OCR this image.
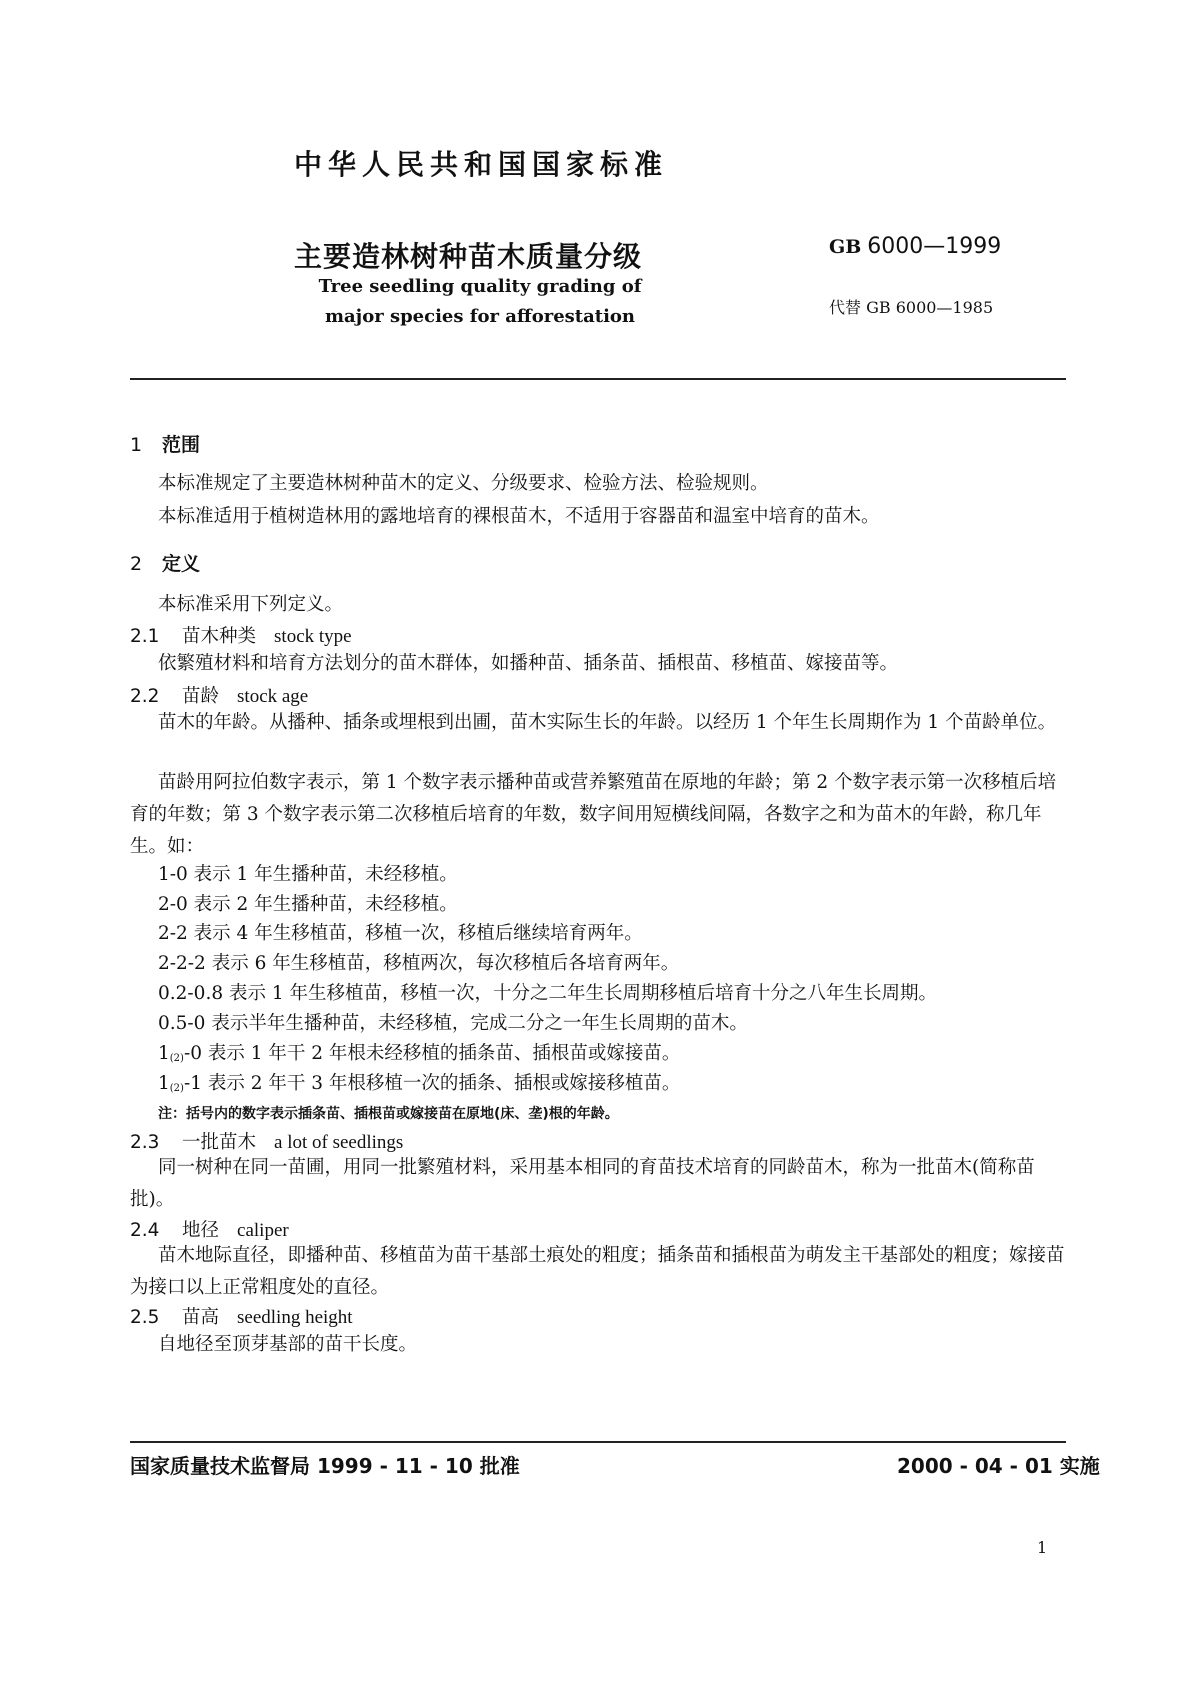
中华人民共和国国家标准
主要造林树种苗木质量分级	GB 6000—1999
代替 GB 6000—1985
Tree seedling quality grading of
major species for afforestation
1 范围
本标准规定了主要造林树种苗木的定义、分级要求、检验方法、检验规则。
本标准适用于植树造林用的露地培育的裸根苗木，不适用于容器苗和温室中培育的苗木。
2 定义
本标准采用下列定义。
2.1 苗木种类 stock type
依繁殖材料和培育方法划分的苗木群体，如播种苗、插条苗、插根苗、移植苗、嫁接苗等。
2.2 苗龄 stock age
苗木的年龄。从播种、插条或埋根到出圃，苗木实际生长的年龄。以经历 1 个年生长周期作为 1 个苗龄单位。
苗龄用阿拉伯数字表示，第 1 个数字表示播种苗或营养繁殖苗在原地的年龄；第 2 个数字表示第一次移植后培育的年数；第 3 个数字表示第二次移植后培育的年数，数字间用短横线间隔，各数字之和为苗木的年龄，称几年生。如：
1-0 表示 1 年生播种苗，未经移植。
2-0 表示 2 年生播种苗，未经移植。
2-2 表示 4 年生移植苗，移植一次，移植后继续培育两年。
2-2-2 表示 6 年生移植苗，移植两次，每次移植后各培育两年。
0.2-0.8 表示 1 年生移植苗，移植一次，十分之二年生长周期移植后培育十分之八年生长周期。
0.5-0 表示半年生播种苗，未经移植，完成二分之一年生长周期的苗木。
$1_{(2)}-0$ 表示 1 年干 2 年根未经移植的插条苗、插根苗或嫁接苗。
$1_{(2)}-1$ 表示 2 年干 3 年根移植一次的插条、插根或嫁接移植苗。
注：括号内的数字表示插条苗、插根苗或嫁接苗在原地(床、垄)根的年龄。
2.3 一批苗木 a lot of seedlings
同一树种在同一苗圃，用同一批繁殖材料，采用基本相同的育苗技术培育的同龄苗木，称为一批苗木(简称苗批)。
2.4 地径 caliper
苗木地际直径，即播种苗、移植苗为苗干基部土痕处的粗度；插条苗和插根苗为萌发主干基部处的粗度；嫁接苗为接口以上正常粗度处的直径。
2.5 苗高 seedling height
自地径至顶芽基部的苗干长度。
国家质量技术监督局 1999 - 11 - 10 批准	2000 - 04 - 01 实施
1
